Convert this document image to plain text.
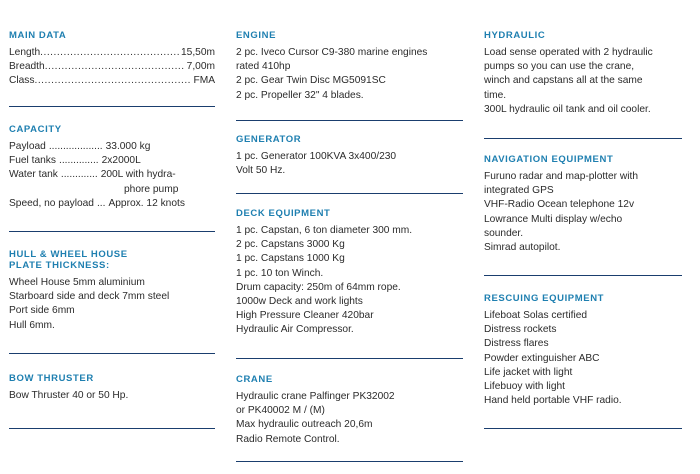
MAIN DATA
Length .....	15,50m
Breadth .....	7,00m
Class .....	FMA
CAPACITY
Payload ................... 33.000 kg
Fuel tanks .............. 2x2000L
Water tank ............. 200L with hydra-
phore pump
Speed, no payload ... Approx. 12 knots
HULL & WHEEL HOUSE
PLATE THICKNESS:
Wheel House 5mm aluminium
Starboard side and deck 7mm steel
Port side 6mm
Hull 6mm.
BOW THRUSTER
Bow Thruster 40 or 50 Hp.
ENGINE
2 pc. Iveco Cursor C9-380 marine engines
rated 410hp
2 pc. Gear Twin Disc MG5091SC
2 pc. Propeller 32" 4 blades.
GENERATOR
1 pc. Generator 100KVA 3x400/230
Volt 50 Hz.
DECK EQUIPMENT
1 pc. Capstan, 6 ton diameter 300 mm.
2 pc. Capstans 3000 Kg
1 pc. Capstans 1000 Kg
1 pc. 10 ton Winch.
Drum capacity: 250m of 64mm rope.
1000w Deck and work lights
High Pressure Cleaner 420bar
Hydraulic Air Compressor.
CRANE
Hydraulic crane Palfinger PK32002
or PK40002 M / (M)
Max hydraulic outreach 20,6m
Radio Remote Control.
HYDRAULIC
Load sense operated with 2 hydraulic
pumps so you can use the crane,
winch and capstans all at the same
time.
300L hydraulic oil tank and oil cooler.
NAVIGATION EQUIPMENT
Furuno radar and map-plotter with
integrated GPS
VHF-Radio Ocean telephone 12v
Lowrance Multi display w/echo
sounder.
Simrad autopilot.
RESCUING EQUIPMENT
Lifeboat Solas certified
Distress rockets
Distress flares
Powder extinguisher ABC
Life jacket with light
Lifebuoy with light
Hand held portable VHF radio.
